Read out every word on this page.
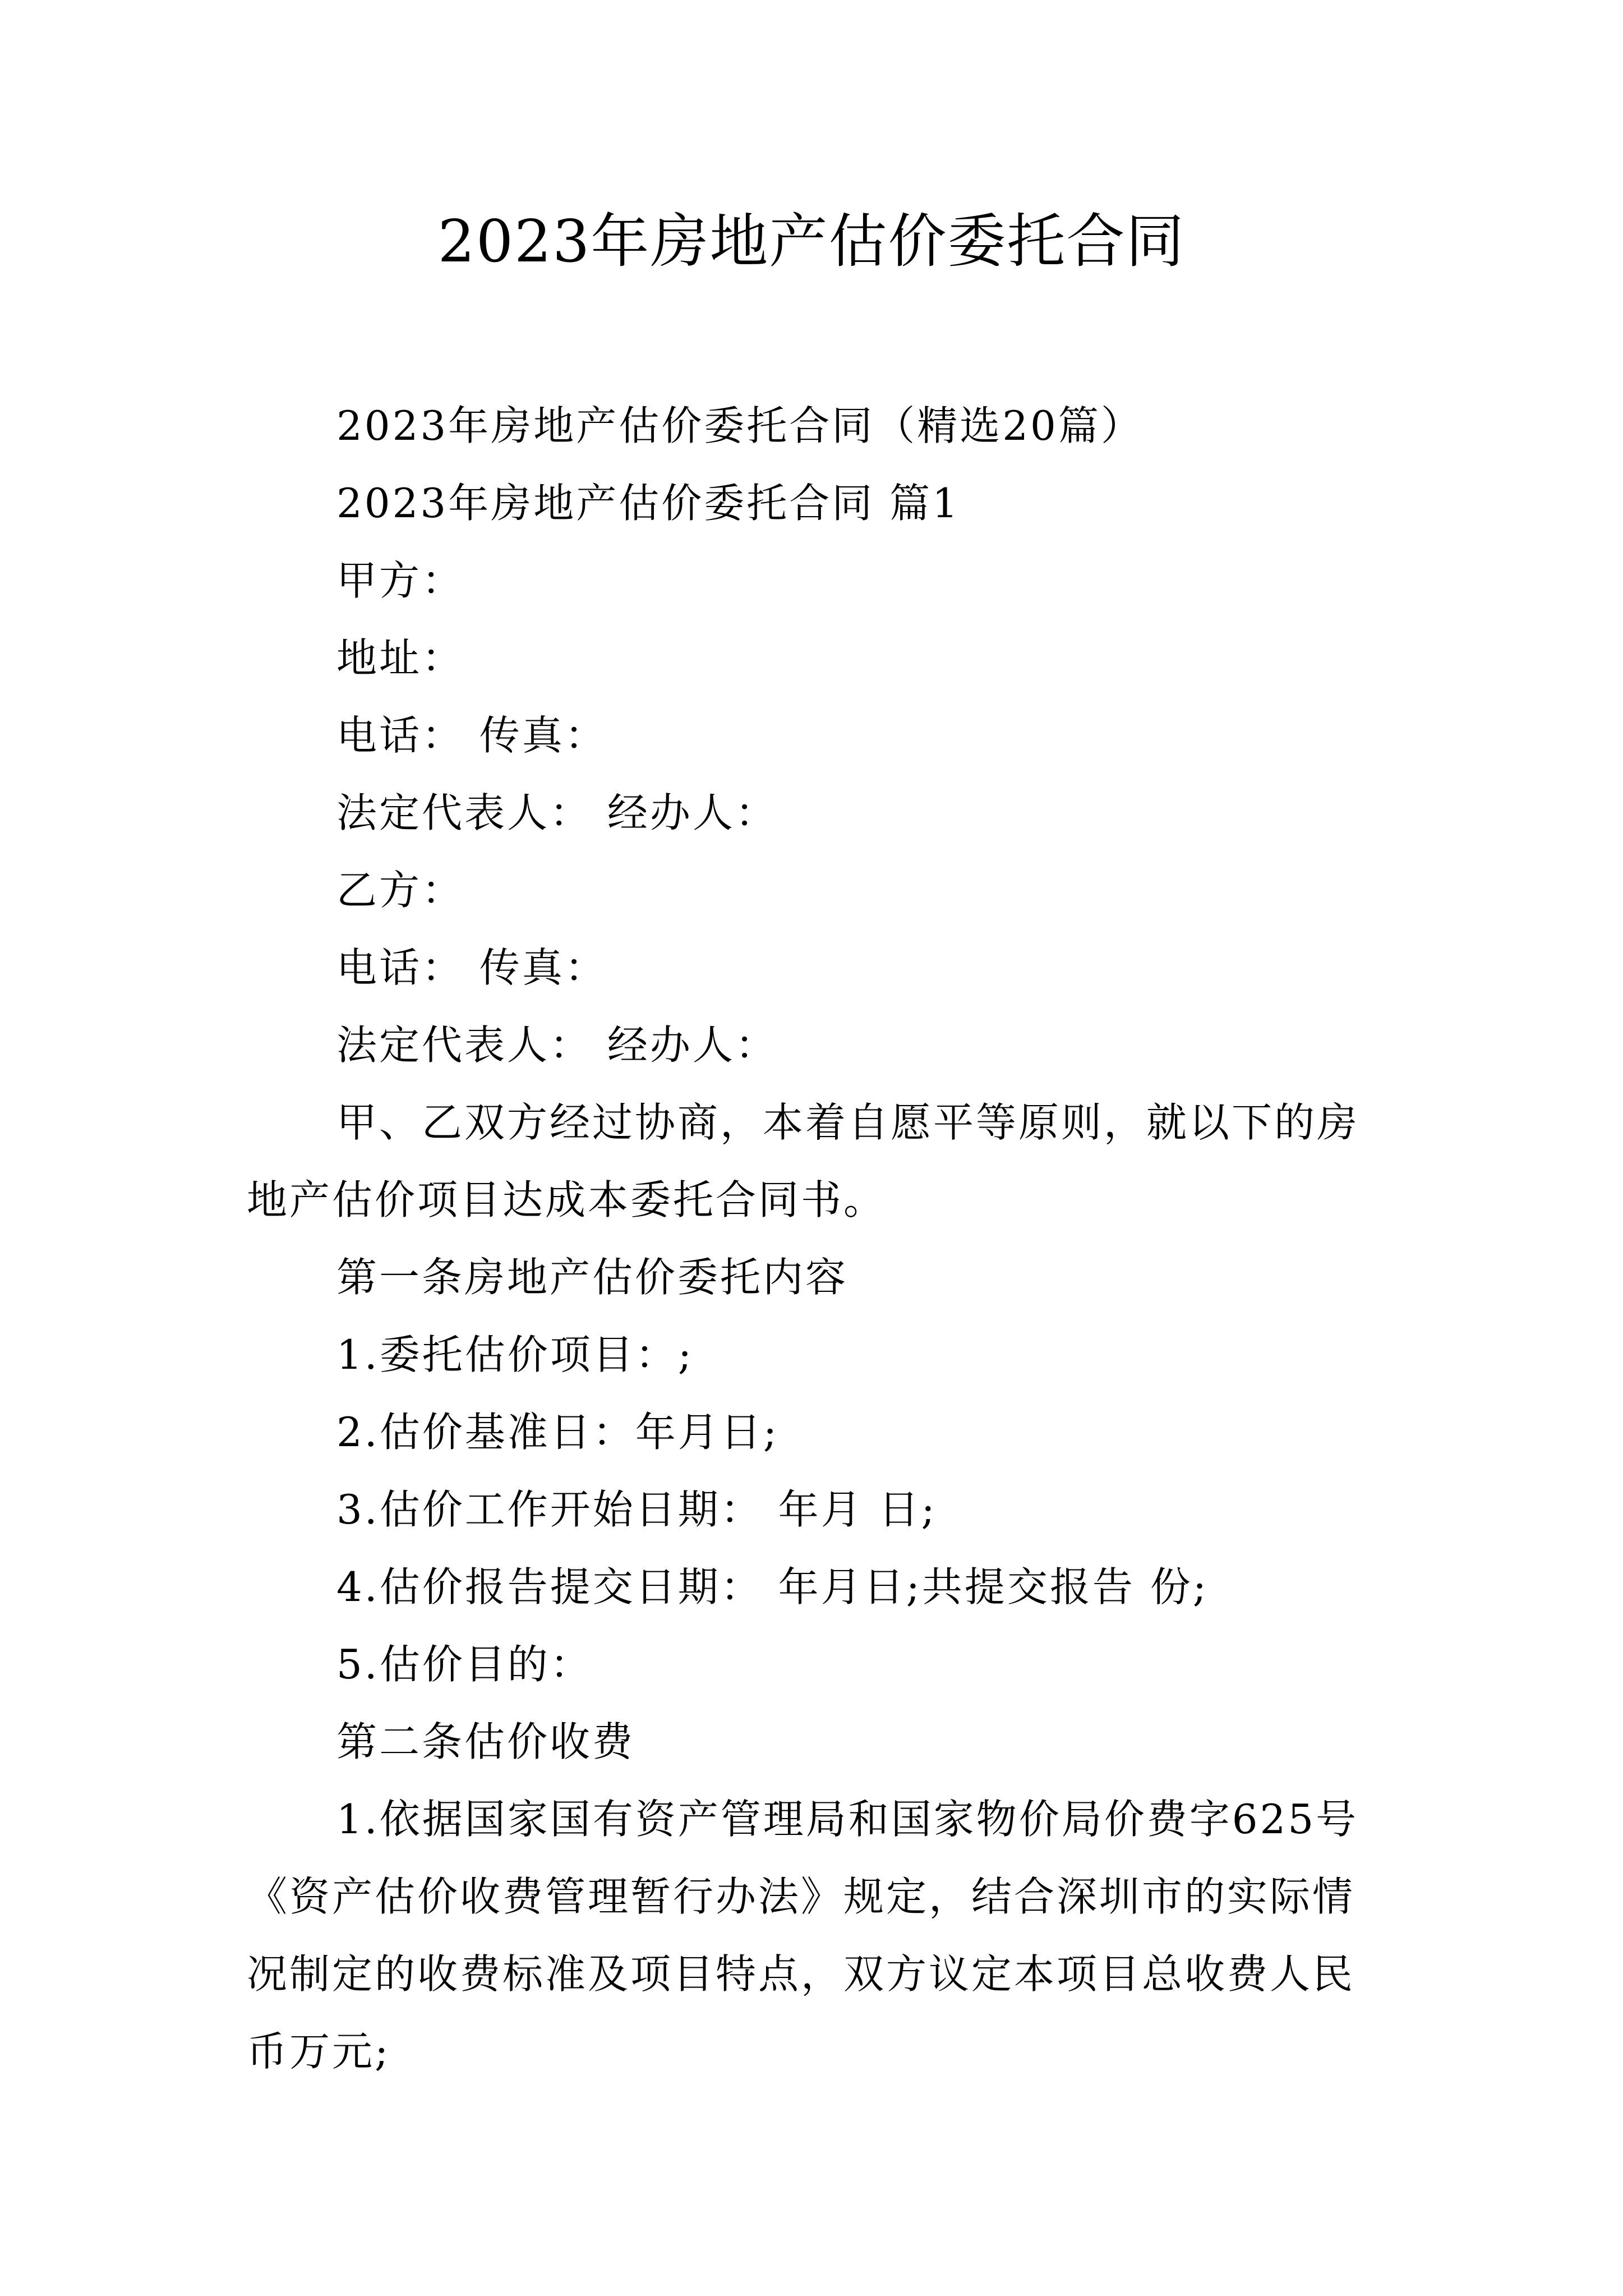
2023年房地产估价委托合同

2023年房地产估价委托合同（精选20篇）

2023年房地产估价委托合同 篇1

甲方：

地址：

电话： 传真：

法定代表人： 经办人：

乙方：

电话： 传真：

法定代表人： 经办人：

甲、乙双方经过协商，本着自愿平等原则，就以下的房地产估价项目达成本委托合同书。

第一条房地产估价委托内容

1.委托估价项目：;

2.估价基准日：年月日;

3.估价工作开始日期： 年月 日;

4.估价报告提交日期： 年月日;共提交报告 份;

5.估价目的：

第二条估价收费

1.依据国家国有资产管理局和国家物价局价费字625号《资产估价收费管理暂行办法》规定，结合深圳市的实际情况制定的收费标准及项目特点，双方议定本项目总收费人民币万元;
